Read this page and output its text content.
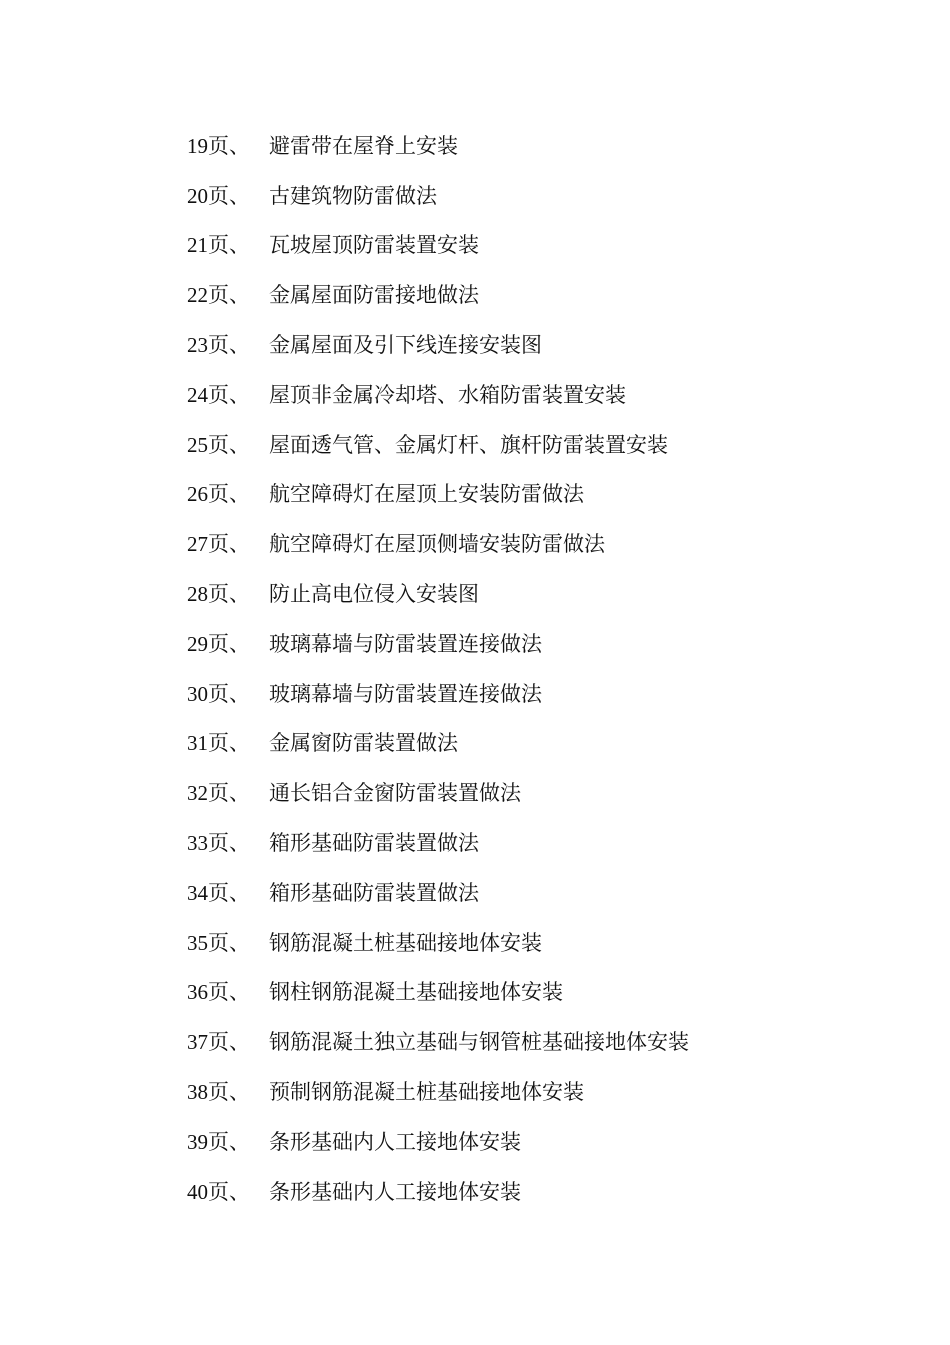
19页、 避雷带在屋脊上安装
20页、 古建筑物防雷做法
21页、 瓦坡屋顶防雷装置安装
22页、 金属屋面防雷接地做法
23页、 金属屋面及引下线连接安装图
24页、 屋顶非金属冷却塔、水箱防雷装置安装
25页、 屋面透气管、金属灯杆、旗杆防雷装置安装
26页、 航空障碍灯在屋顶上安装防雷做法
27页、 航空障碍灯在屋顶侧墙安装防雷做法
28页、 防止高电位侵入安装图
29页、 玻璃幕墙与防雷装置连接做法
30页、 玻璃幕墙与防雷装置连接做法
31页、 金属窗防雷装置做法
32页、 通长铝合金窗防雷装置做法
33页、 箱形基础防雷装置做法
34页、 箱形基础防雷装置做法
35页、 钢筋混凝土桩基础接地体安装
36页、 钢柱钢筋混凝土基础接地体安装
37页、 钢筋混凝土独立基础与钢管桩基础接地体安装
38页、 预制钢筋混凝土桩基础接地体安装
39页、 条形基础内人工接地体安装
40页、 条形基础内人工接地体安装
